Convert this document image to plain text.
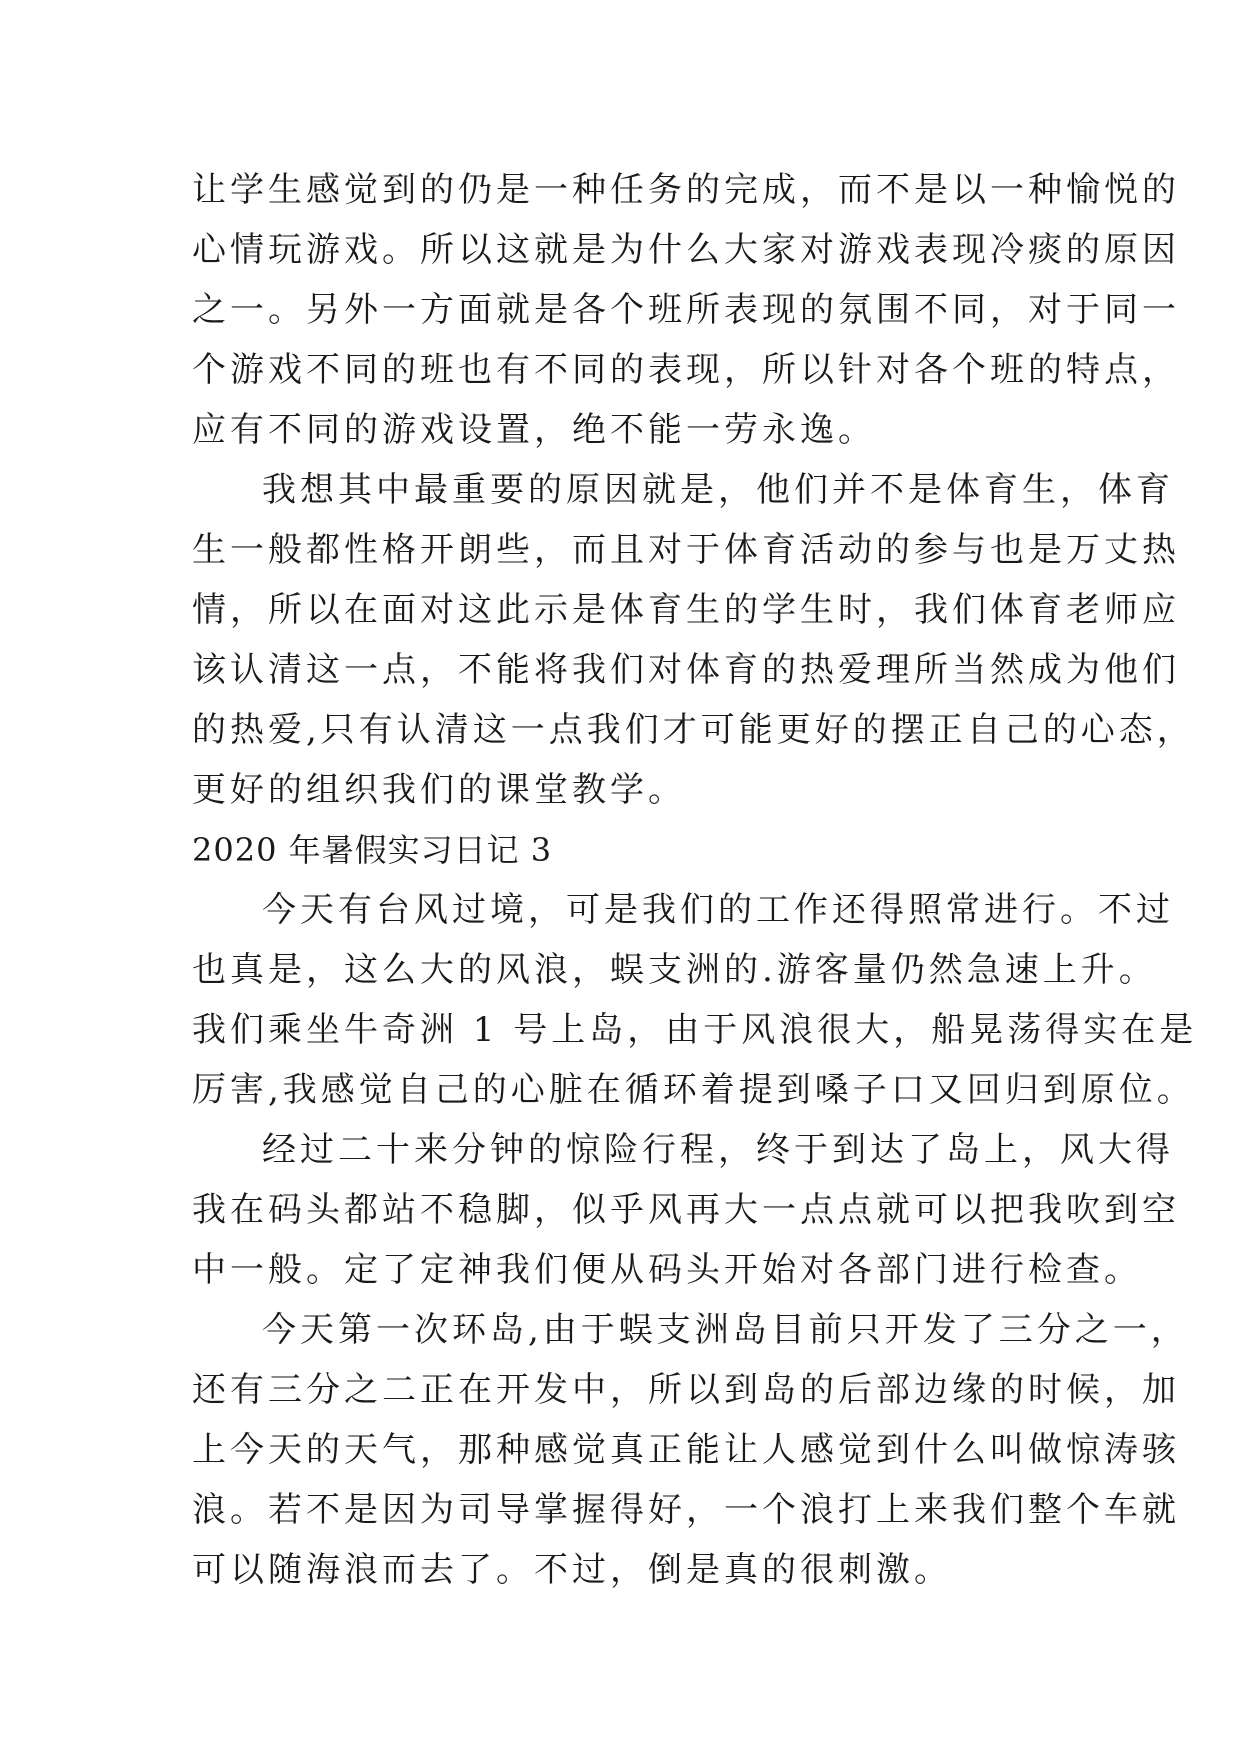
让学生感觉到的仍是一种任务的完成，而不是以一种愉悦的
心情玩游戏。所以这就是为什么大家对游戏表现冷痰的原因
之一。另外一方面就是各个班所表现的氛围不同，对于同一
个游戏不同的班也有不同的表现，所以针对各个班的特点，
应有不同的游戏设置，绝不能一劳永逸。
我想其中最重要的原因就是，他们并不是体育生，体育
生一般都性格开朗些，而且对于体育活动的参与也是万丈热
情，所以在面对这此示是体育生的学生时，我们体育老师应
该认清这一点，不能将我们对体育的热爱理所当然成为他们
的热爱,只有认清这一点我们才可能更好的摆正自己的心态，
更好的组织我们的课堂教学。
2020 年暑假实习日记 3
今天有台风过境，可是我们的工作还得照常进行。不过
也真是，这么大的风浪，蜈支洲的.游客量仍然急速上升。
我们乘坐牛奇洲 1 号上岛，由于风浪很大，船晃荡得实在是
厉害,我感觉自己的心脏在循环着提到嗓子口又回归到原位。
经过二十来分钟的惊险行程，终于到达了岛上，风大得
我在码头都站不稳脚，似乎风再大一点点就可以把我吹到空
中一般。定了定神我们便从码头开始对各部门进行检查。
今天第一次环岛,由于蜈支洲岛目前只开发了三分之一，
还有三分之二正在开发中，所以到岛的后部边缘的时候，加
上今天的天气，那种感觉真正能让人感觉到什么叫做惊涛骇
浪。若不是因为司导掌握得好，一个浪打上来我们整个车就
可以随海浪而去了。不过，倒是真的很刺激。
